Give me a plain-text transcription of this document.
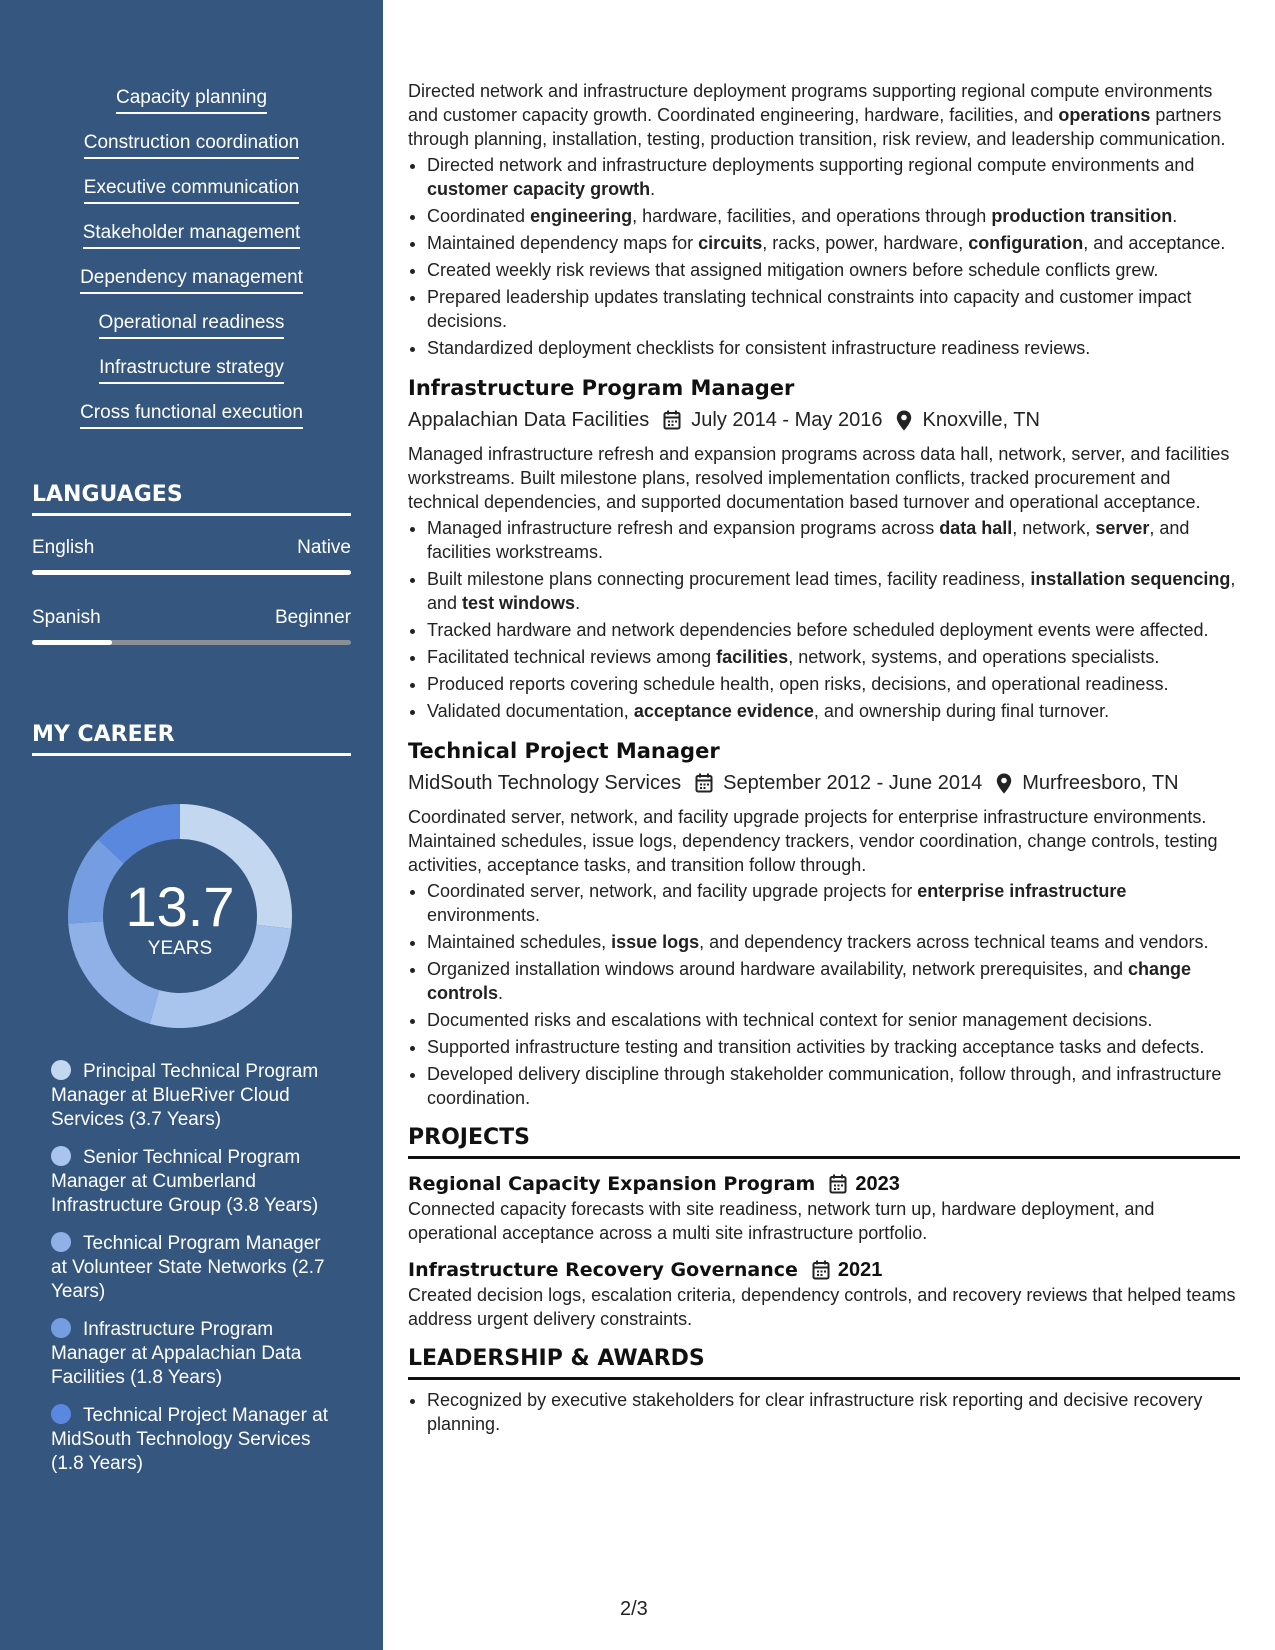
Capacity planning
Construction coordination
Executive communication
Stakeholder management
Dependency management
Operational readiness
Infrastructure strategy
Cross functional execution
LANGUAGES
English	Native
Spanish	Beginner
MY CAREER
13.7
YEARS
Principal Technical Program Manager at BlueRiver Cloud Services (3.7 Years)
Senior Technical Program Manager at Cumberland Infrastructure Group (3.8 Years)
Technical Program Manager at Volunteer State Networks (2.7 Years)
Infrastructure Program Manager at Appalachian Data Facilities (1.8 Years)
Technical Project Manager at MidSouth Technology Services (1.8 Years)

Directed network and infrastructure deployment programs supporting regional compute environments and customer capacity growth. Coordinated engineering, hardware, facilities, and operations partners through planning, installation, testing, production transition, risk review, and leadership communication.

• Directed network and infrastructure deployments supporting regional compute environments and customer capacity growth.
• Coordinated engineering, hardware, facilities, and operations through production transition.
• Maintained dependency maps for circuits, racks, power, hardware, configuration, and acceptance.
• Created weekly risk reviews that assigned mitigation owners before schedule conflicts grew.
• Prepared leadership updates translating technical constraints into capacity and customer impact decisions.
• Standardized deployment checklists for consistent infrastructure readiness reviews.
Infrastructure Program Manager
Appalachian Data Facilities July 2014 - May 2016 Knoxville, TN

Managed infrastructure refresh and expansion programs across data hall, network, server, and facilities workstreams. Built milestone plans, resolved implementation conflicts, tracked procurement and technical dependencies, and supported documentation based turnover and operational acceptance.

• Managed infrastructure refresh and expansion programs across data hall, network, server, and facilities workstreams.
• Built milestone plans connecting procurement lead times, facility readiness, installation sequencing, and test windows.
• Tracked hardware and network dependencies before scheduled deployment events were affected.
• Facilitated technical reviews among facilities, network, systems, and operations specialists.
• Produced reports covering schedule health, open risks, decisions, and operational readiness.
• Validated documentation, acceptance evidence, and ownership during final turnover.
Technical Project Manager
MidSouth Technology Services September 2012 - June 2014 Murfreesboro, TN

Coordinated server, network, and facility upgrade projects for enterprise infrastructure environments. Maintained schedules, issue logs, dependency trackers, vendor coordination, change controls, testing activities, acceptance tasks, and transition follow through.

• Coordinated server, network, and facility upgrade projects for enterprise infrastructure environments.
• Maintained schedules, issue logs, and dependency trackers across technical teams and vendors.
• Organized installation windows around hardware availability, network prerequisites, and change controls.
• Documented risks and escalations with technical context for senior management decisions.
• Supported infrastructure testing and transition activities by tracking acceptance tasks and defects.
• Developed delivery discipline through stakeholder communication, follow through, and infrastructure coordination.
PROJECTS
Regional Capacity Expansion Program 2023

Connected capacity forecasts with site readiness, network turn up, hardware deployment, and operational acceptance across a multi site infrastructure portfolio.

Infrastructure Recovery Governance 2021

Created decision logs, escalation criteria, dependency controls, and recovery reviews that helped teams address urgent delivery constraints.

LEADERSHIP & AWARDS
• Recognized by executive stakeholders for clear infrastructure risk reporting and decisive recovery planning.
2/3
